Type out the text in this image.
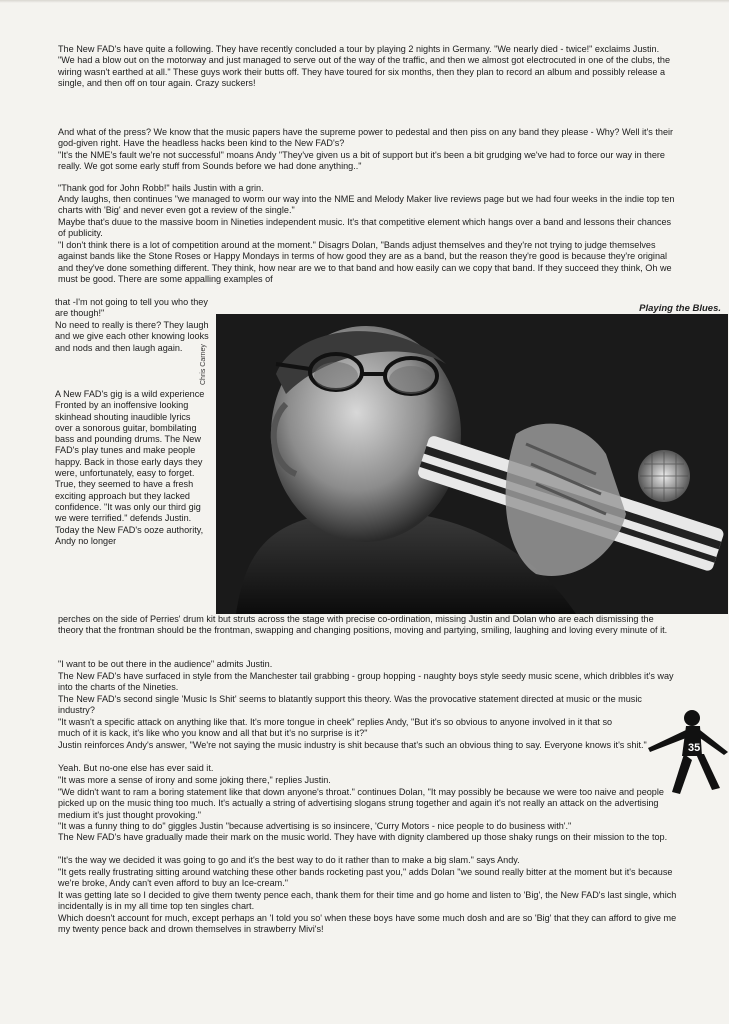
The New FAD's have quite a following. They have recently concluded a tour by playing 2 nights in Germany. "We nearly died - twice!" exclaims Justin. "We had a blow out on the motorway and just managed to serve out of the way of the traffic, and then we almost got electrocuted in one of the clubs, the wiring wasn't earthed at all." These guys work their butts off. They have toured for six months, then they plan to record an album and possibly release a single, and then off on tour again. Crazy suckers!

And what of the press? We know that the music papers have the supreme power to pedestal and then piss on any band they please - Why? Well it's their god-given right. Have the headless hacks been kind to the New FAD's?

"It's the NME's fault we're not successful" moans Andy "They've given us a bit of support but it's been a bit grudging we've had to force our way in there really. We got some early stuff from Sounds before we had done anything.."

"Thank god for John Robb!" hails Justin with a grin.

Andy laughs, then continues "we managed to worm our way into the NME and Melody Maker live reviews page but we had four weeks in the indie top ten charts with 'Big' and never even got a review of the single."

Maybe that's duue to the massive boom in Nineties independent music. It's that competitive element which hangs over a band and lessons their chances of publicity.

"I don't think there is a lot of competition around at the moment." Disagrs Dolan, "Bands adjust themselves and they're not trying to judge themselves against bands like the Stone Roses or Happy Mondays in terms of how good they are as a band, but the reason they're good is because they're original and they've done something different. They think, how near are we to that band and how easily can we copy that band. If they succeed they think, Oh we must be good. There are some appalling examples of

Playing the Blues.

that -I'm not going to tell you who they are though!"

No need to really is there? They laugh and we give each other knowing looks and nods and then laugh again.

A New FAD's gig is a wild experience Fronted by an inoffensive looking skinhead shouting inaudible lyrics over a sonorous guitar, bombilating bass and pounding drums. The New FAD's play tunes and make people happy. Back in those early days they were, unfortunately, easy to forget. True, they seemed to have a fresh exciting approach but they lacked confidence. "It was only our third gig we were terrified." defends Justin. Today the New FAD's ooze authority, Andy no longer

Chris Carney

perches on the side of Perries' drum kit but struts across the stage with precise co-ordination, missing Justin and Dolan who are each dismissing the theory that the frontman should be the frontman, swapping and changing positions, moving and partying, smiling, laughing and loving every minute of it.

"I want to be out there in the audience" admits Justin.

The New FAD's have surfaced in style from the Manchester tail grabbing - group hopping - naughty boys style seedy music scene, which dribbles it's way into the charts of the Nineties.

The New FAD's second single 'Music Is Shit' seems to blatantly support this theory. Was the provocative statement directed at music or the music industry?

"It wasn't a specific attack on anything like that. It's more tongue in cheek" replies Andy, "But it's so obvious to anyone involved in it that so much of it is kack, it's like who you know and all that but it's no surprise is it?"

Justin reinforces Andy's answer, "We're not saying the music industry is shit because that's such an obvious thing to say. Everyone knows it's shit."

Yeah. But no-one else has ever said it.

"It was more a sense of irony and some joking there," replies Justin.

"We didn't want to ram a boring statement like that down anyone's throat." continues Dolan, "It may possibly be because we were too naive and people picked up on the music thing too much. It's actually a string of advertising slogans strung together and again it's not really an attack on the advertising medium it's just thought provoking."

"It was a funny thing to do" giggles Justin "because advertising is so insincere, 'Curry Motors - nice people to do business with'."

The New FAD's have gradually made their mark on the music world. They have with dignity clambered up those shaky rungs on their mission to the top.

"It's the way we decided it was going to go and it's the best way to do it rather than to make a big slam." says Andy.

"It gets really frustrating sitting around watching these other bands rocketing past you," adds Dolan "we sound really bitter at the moment but it's because we're broke, Andy can't even afford to buy an Ice-cream."

It was getting late so I decided to give them twenty pence each, thank them for their time and go home and listen to 'Big', the New FAD's last single, which incidentally is in my all time top ten singles chart.

Which doesn't account for much, except perhaps an 'I told you so' when these boys have some much dosh and are so 'Big' that they can afford to give me my twenty pence back and drown themselves in strawberry Mivi's!

35
